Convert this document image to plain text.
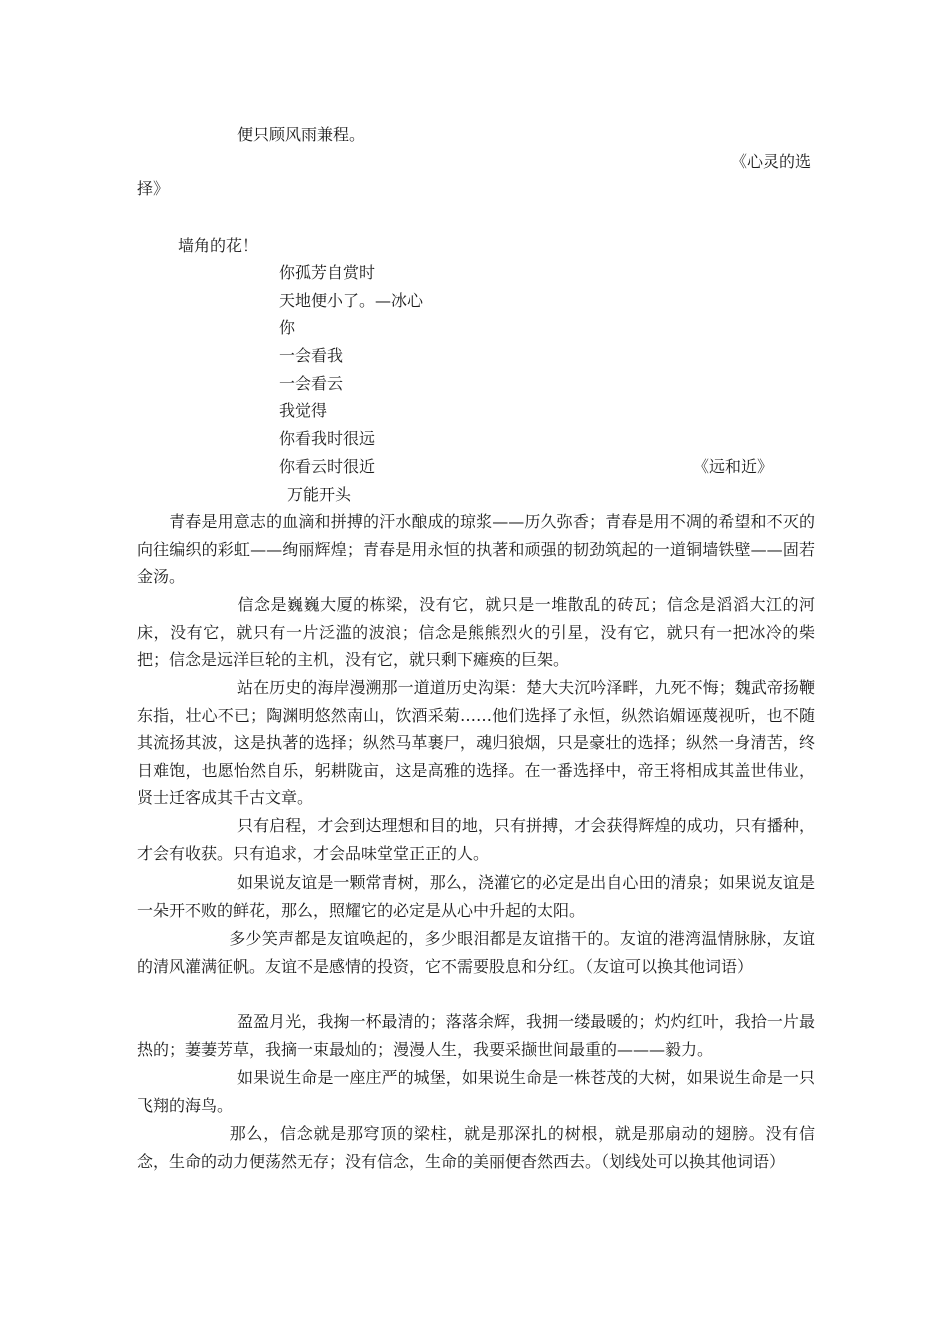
便只顾风雨兼程。
《心灵的选
择》
墙角的花！
你孤芳自赏时
天地便小了。—冰心
你
一会看我
一会看云
我觉得
你看我时很远
你看云时很近	《远和近》
万能开头
青春是用意志的血滴和拼搏的汗水酿成的琼浆——历久弥香；青春是用不凋的希望和不灭的向往编织的彩虹——绚丽辉煌；青春是用永恒的执著和顽强的韧劲筑起的一道铜墙铁壁——固若金汤。
信念是巍巍大厦的栋梁，没有它，就只是一堆散乱的砖瓦；信念是滔滔大江的河床，没有它，就只有一片泛滥的波浪；信念是熊熊烈火的引星，没有它，就只有一把冰冷的柴把；信念是远洋巨轮的主机，没有它，就只剩下瘫痪的巨架。
站在历史的海岸漫溯那一道道历史沟渠：楚大夫沉吟泽畔，九死不悔；魏武帝扬鞭东指，壮心不已；陶渊明悠然南山，饮酒采菊……他们选择了永恒，纵然谄媚诬蔑视听，也不随其流扬其波，这是执著的选择；纵然马革裹尸，魂归狼烟，只是豪壮的选择；纵然一身清苦，终日难饱，也愿怡然自乐，躬耕陇亩，这是高雅的选择。在一番选择中，帝王将相成其盖世伟业，贤士迁客成其千古文章。
只有启程，才会到达理想和目的地，只有拼搏，才会获得辉煌的成功，只有播种，才会有收获。只有追求，才会品味堂堂正正的人。
如果说友谊是一颗常青树，那么，浇灌它的必定是出自心田的清泉；如果说友谊是一朵开不败的鲜花，那么，照耀它的必定是从心中升起的太阳。
多少笑声都是友谊唤起的，多少眼泪都是友谊揩干的。友谊的港湾温情脉脉，友谊的清风灌满征帆。友谊不是感情的投资，它不需要股息和分红。（友谊可以换其他词语）
盈盈月光，我掬一杯最清的；落落余辉，我拥一缕最暖的；灼灼红叶，我拾一片最热的；萋萋芳草，我摘一束最灿的；漫漫人生，我要采撷世间最重的———毅力。
如果说生命是一座庄严的城堡，如果说生命是一株苍茂的大树，如果说生命是一只飞翔的海鸟。
那么，信念就是那穹顶的梁柱，就是那深扎的树根，就是那扇动的翅膀。没有信念，生命的动力便荡然无存；没有信念，生命的美丽便杳然西去。（划线处可以换其他词语）
